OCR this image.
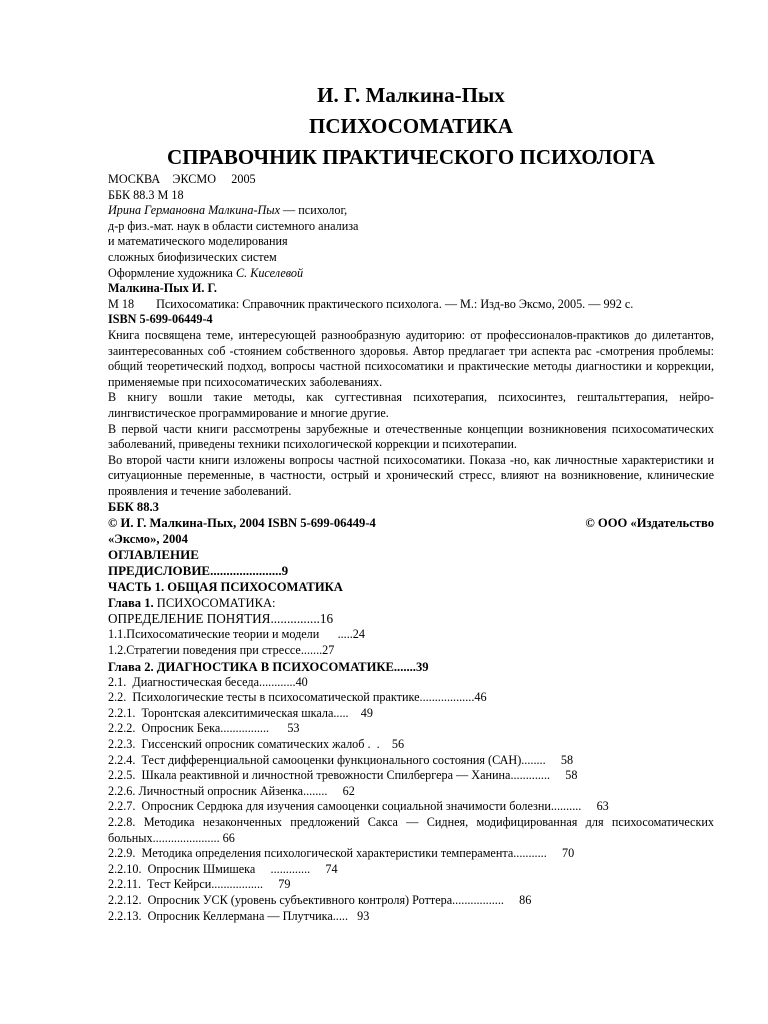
И. Г. Малкина-Пых

ПСИХОСОМАТИКА

СПРАВОЧНИК ПРАКТИЧЕСКОГО ПСИХОЛОГА

МОСКВА    ЭКСМО     2005

ББК 88.3 М 18

Ирина Германовна Малкина-Пых — психолог,

д-р физ.-мат. наук в области системного анализа

и математического моделирования

сложных биофизических систем

Оформление художника С. Киселевой

Малкина-Пых И. Г.

М 18 Психосоматика: Справочник практического психолога. — М.: Изд-во Эксмо, 2005. — 992 с.

ISBN 5-699-06449-4

Книга посвящена теме, интересующей разнообразную аудиторию: от профессионалов-практиков до дилетантов, заинтересованных соб -стоянием собственного здоровья. Автор предлагает три аспекта рас -смотрения проблемы: общий теоретический подход, вопросы частной психосоматики и практические методы диагностики и коррекции, применяемые при психосоматических заболеваниях.

В книгу вошли такие методы, как суггестивная психотерапия, психосинтез, гештальттерапия, нейро-лингвистическое программирование и многие другие.

В первой части книги рассмотрены зарубежные и отечественные концепции возникновения психосоматических заболеваний, приведены техники психологической коррекции и психотерапии.

Во второй части книги изложены вопросы частной психосоматики. Показа -но, как личностные характеристики и ситуационные переменные, в частности, острый и хронический стресс, влияют на возникновение, клинические проявления и течение заболеваний.

ББК 88.3

© И. Г. Малкина-Пых, 2004 ISBN 5-699-06449-4	© ООО «Издательство

«Эксмо», 2004

ОГЛАВЛЕНИЕ

ПРЕДИСЛОВИЕ......................9

ЧАСТЬ 1. ОБЩАЯ ПСИХОСОМАТИКА

Глава 1. ПСИХОСОМАТИКА:

ОПРЕДЕЛЕНИЕ ПОНЯТИЯ...............16

1.1.Психосоматические теории и модели      .....24

1.2.Стратегии поведения при стрессе.......27

Глава 2. ДИАГНОСТИКА В ПСИХОСОМАТИКЕ.......39

2.1.  Диагностическая беседа............40

2.2.  Психологические тесты в психосоматической практике..................46

2.2.1.  Торонтская алекситимическая шкала.....    49

2.2.2.  Опросник Бека................      53

2.2.3.  Гиссенский опросник соматических жалоб .  .    56

2.2.4.  Тест дифференциальной самооценки функционального состояния (САН)........     58

2.2.5.  Шкала реактивной и личностной тревожности Спилбергера — Ханина.............     58

2.2.6. Личностный опросник Айзенка........     62

2.2.7.  Опросник Сердюка для изучения самооценки социальной значимости болезни..........     63

2.2.8. Методика незаконченных предложений Сакса — Сиднея, модифицированная для психосоматических больных...................... 66

2.2.9.  Методика определения психологической характеристики темперамента...........     70

2.2.10.  Опросник Шмишека     .............     74

2.2.11.  Тест Кейрси.................     79

2.2.12.  Опросник УСК (уровень субъективного контроля) Роттера.................     86

2.2.13.  Опросник Келлермана — Плутчика.....   93
